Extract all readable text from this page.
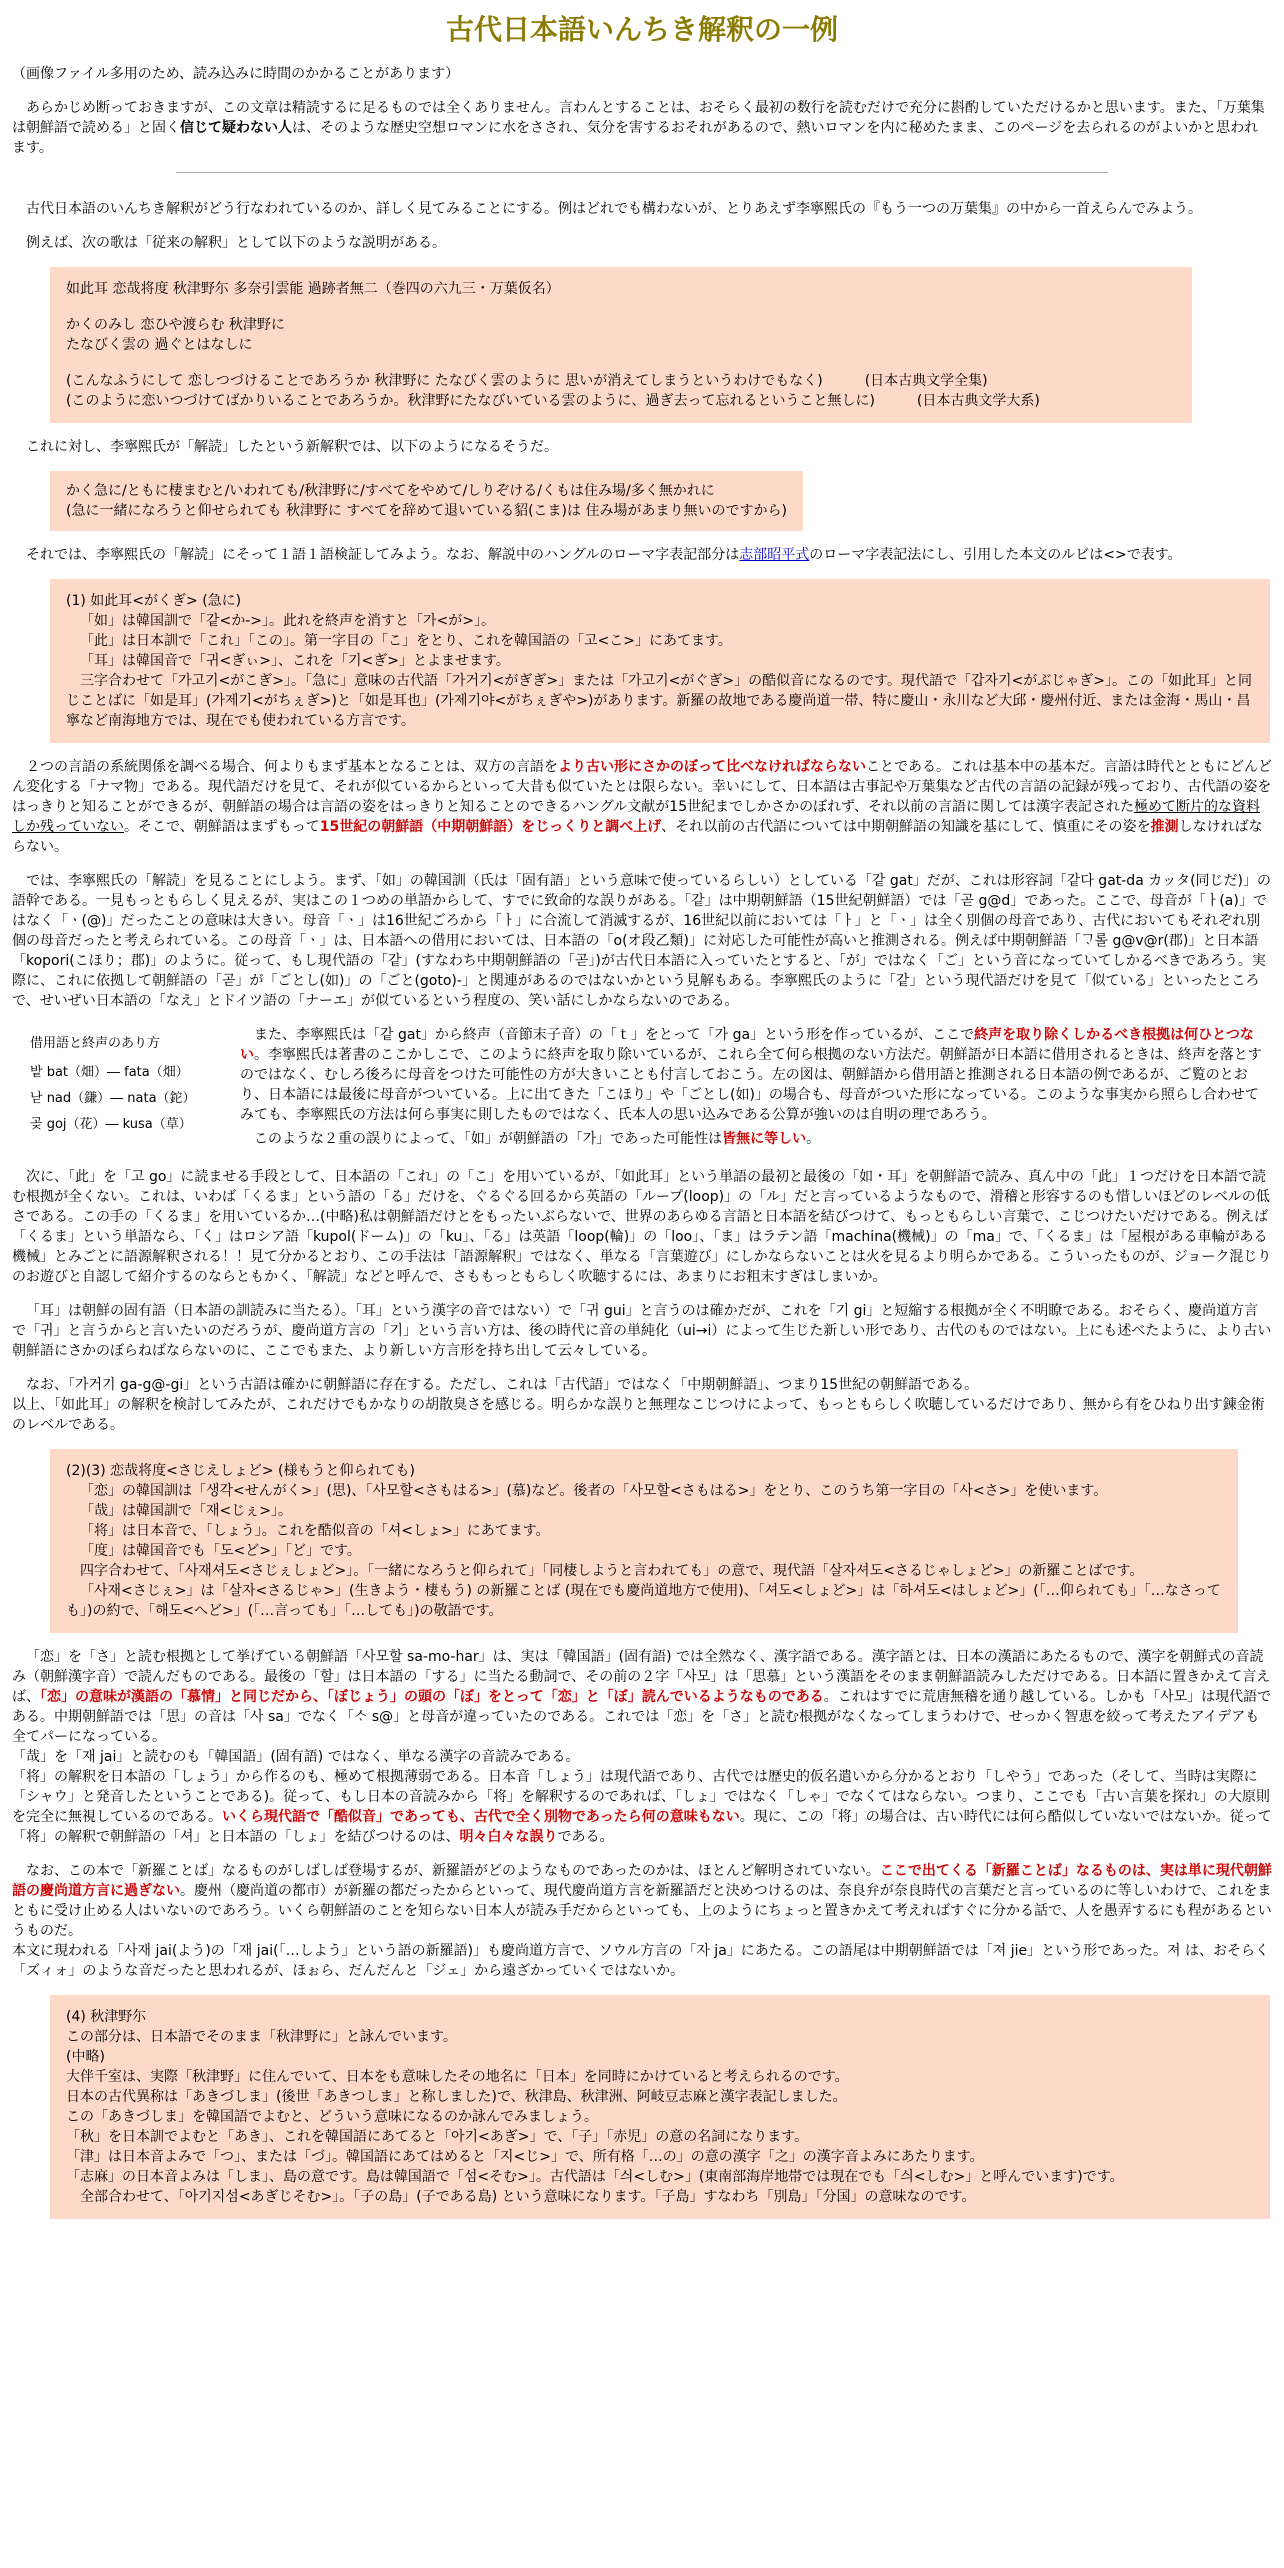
古代日本語いんちき解釈の一例

（画像ファイル多用のため、読み込みに時間のかかることがあります）

あらかじめ断っておきますが、この文章は精読するに足るものでは全くありません。言わんとすることは、おそらく最初の数行を読むだけで充分に斟酌していただけるかと思います。また、「万葉集は朝鮮語で読める」と固く信じて疑わない人は、そのような歴史空想ロマンに水をさされ、気分を害するおそれがあるので、熱いロマンを内に秘めたまま、このページを去られるのがよいかと思われます。

古代日本語のいんちき解釈がどう行なわれているのか、詳しく見てみることにする。例はどれでも構わないが、とりあえず李寧熙氏の『もう一つの万葉集』の中から一首えらんでみよう。

例えば、次の歌は「従来の解釈」として以下のような説明がある。

如此耳 恋哉将度 秋津野尓 多奈引雲能 過跡者無二（巻四の六九三・万葉仮名）

かくのみし 恋ひや渡らむ 秋津野に

たなびく雲の 過ぐとはなしに

(こんなふうにして 恋しつづけることであろうか 秋津野に たなびく雲のように 思いが消えてしまうというわけでもなく)　　　(日本古典文学全集)

(このように恋いつづけてばかりいることであろうか。秋津野にたなびいている雲のように、過ぎ去って忘れるということ無しに)　　　(日本古典文学大系)

これに対し、李寧熙氏が「解読」したという新解釈では、以下のようになるそうだ。

かく急に/ともに棲まむと/いわれても/秋津野に/すべてをやめて/しりぞける/くもは住み場/多く無かれに

(急に一緒になろうと仰せられても 秋津野に すべてを辞めて退いている貂(こま)は 住み場があまり無いのですから)

それでは、李寧熙氏の「解読」にそって１語１語検証してみよう。なお、解説中のハングルのローマ字表記部分は志部昭平式のローマ字表記法にし、引用した本文のルビは<>で表す。

(1) 如此耳<がくぎ> (急に)

「如」は韓国訓で「같<か->」。此れを終声を消すと「가<が>」。

「此」は日本訓で「これ」「この」。第一字目の「こ」をとり、これを韓国語の「고<こ>」にあてます。

「耳」は韓国音で「귀<ぎぃ>」、これを「기<ぎ>」とよませます。

三字合わせて「가고기<がこぎ>」。「急に」意味の古代語「가거기<がぎぎ>」または「가고기<がぐぎ>」の酷似音になるのです。現代語で「갑자기<がぶじゃぎ>」。この「如此耳」と同じことばに「如是耳」(가제기<がちぇぎ>)と「如是耳也」(가제기야<がちぇぎや>)があります。新羅の故地である慶尚道一帯、特に慶山・永川など大邱・慶州付近、または金海・馬山・昌寧など南海地方では、現在でも使われている方言です。

２つの言語の系統関係を調べる場合、何よりもまず基本となることは、双方の言語をより古い形にさかのぼって比べなければならないことである。これは基本中の基本だ。言語は時代とともにどんどん変化する「ナマ物」である。現代語だけを見て、それが似ているからといって大昔も似ていたとは限らない。幸いにして、日本語は古事記や万葉集など古代の言語の記録が残っており、古代語の姿をはっきりと知ることができるが、朝鮮語の場合は言語の姿をはっきりと知ることのできるハングル文献が15世紀までしかさかのぼれず、それ以前の言語に関しては漢字表記された極めて断片的な資料しか残っていない。そこで、朝鮮語はまずもって15世紀の朝鮮語（中期朝鮮語）をじっくりと調べ上げ、それ以前の古代語については中期朝鮮語の知識を基にして、慎重にその姿を推測しなければならない。

では、李寧熙氏の「解読」を見ることにしよう。まず、「如」の韓国訓（氏は「固有語」という意味で使っているらしい）としている「같 gat」だが、これは形容詞「같다 gat-da カッタ(同じだ)」の語幹である。一見もっともらしく見えるが、実はこの１つめの単語からして、すでに致命的な誤りがある。「같」は中期朝鮮語（15世紀朝鮮語）では「곧 g@d」であった。ここで、母音が「ㅏ(a)」ではなく「ㆍ(@)」だったことの意味は大きい。母音「ㆍ」は16世紀ごろから「ㅏ」に合流して消滅するが、16世紀以前においては「ㅏ」と「ㆍ」は全く別個の母音であり、古代においてもそれぞれ別個の母音だったと考えられている。この母音「ㆍ」は、日本語への借用においては、日本語の「o(オ段乙類)」に対応した可能性が高いと推測される。例えば中期朝鮮語「ᄀᆞ롤 g@v@r(郡)」と日本語「kopori(こほり；郡)」のように。従って、もし現代語の「같」(すなわち中期朝鮮語の「곧」)が古代日本語に入っていたとすると、「が」ではなく「ご」という音になっていてしかるべきであろう。実際に、これに依拠して朝鮮語の「곧」が「ごとし(如)」の「ごと(goto)-」と関連があるのではないかという見解もある。李寧熙氏のように「같」という現代語だけを見て「似ている」といったところで、せいぜい日本語の「なえ」とドイツ語の「ナーエ」が似ているという程度の、笑い話にしかならないのである。

借用語と終声のあり方
밭 bat（畑）― fata（畑）
낟 nad（鎌）― nata（鉈）
곶 goj（花）― kusa（草）

また、李寧熙氏は「같 gat」から終声（音節末子音）の「ｔ」をとって「가 ga」という形を作っているが、ここで終声を取り除くしかるべき根拠は何ひとつない。李寧熙氏は著書のここかしこで、このように終声を取り除いているが、これら全て何ら根拠のない方法だ。朝鮮語が日本語に借用されるときは、終声を落とすのではなく、むしろ後ろに母音をつけた可能性の方が大きいことも付言しておこう。左の図は、朝鮮語から借用語と推測される日本語の例であるが、ご覧のとおり、日本語には最後に母音がついている。上に出てきた「こほり」や「ごとし(如)」の場合も、母音がついた形になっている。このような事実から照らし合わせてみても、李寧熙氏の方法は何ら事実に則したものではなく、氏本人の思い込みである公算が強いのは自明の理であろう。

このような２重の誤りによって、「如」が朝鮮語の「가」であった可能性は皆無に等しい。

次に、「此」を「고 go」に読ませる手段として、日本語の「これ」の「こ」を用いているが、「如此耳」という単語の最初と最後の「如・耳」を朝鮮語で読み、真ん中の「此」１つだけを日本語で読む根拠が全くない。これは、いわば「くるま」という語の「る」だけを、ぐるぐる回るから英語の「ループ(loop)」の「ル」だと言っているようなもので、滑稽と形容するのも惜しいほどのレベルの低さである。この手の「くるま」を用いているか…(中略)私は朝鮮語だけとをもったいぶらないで、世界のあらゆる言語と日本語を結びつけて、もっともらしい言葉で、こじつけたいだけである。例えば「くるま」という単語なら、「く」はロシア語「kupol(ドーム)」の「ku」、「る」は英語「loop(輪)」の「loo」、「ま」はラテン語「machina(機械)」の「ma」で、「くるま」は「屋根がある車輪がある機械」とみごとに語源解釈される！！見て分かるとおり、この手法は「語源解釈」ではなく、単なる「言葉遊び」にしかならないことは火を見るより明らかである。こういったものが、ジョーク混じりのお遊びと自認して紹介するのならともかく、「解読」などと呼んで、さももっともらしく吹聴するには、あまりにお粗末すぎはしまいか。

「耳」は朝鮮の固有語（日本語の訓読みに当たる）。「耳」という漢字の音ではない）で「귀 gui」と言うのは確かだが、これを「기 gi」と短縮する根拠が全く不明瞭である。おそらく、慶尚道方言で「귀」と言うからと言いたいのだろうが、慶尚道方言の「기」という言い方は、後の時代に音の単純化（ui→i）によって生じた新しい形であり、古代のものではない。上にも述べたように、より古い朝鮮語にさかのぼらねばならないのに、ここでもまた、より新しい方言形を持ち出して云々している。

なお、「가거기 ga-g@-gi」という古語は確かに朝鮮語に存在する。ただし、これは「古代語」ではなく「中期朝鮮語」、つまり15世紀の朝鮮語である。
以上、「如此耳」の解釈を検討してみたが、これだけでもかなりの胡散臭さを感じる。明らかな誤りと無理なこじつけによって、もっともらしく吹聴しているだけであり、無から有をひねり出す錬金術のレベルである。

(2)(3) 恋哉将度<さじえしょど> (様もうと仰られても)

「恋」の韓国訓は「생각<せんがく>」(思)、「사모할<さもはる>」(慕)など。後者の「사모할<さもはる>」をとり、このうち第一字目の「사<さ>」を使います。

「哉」は韓国訓で「재<じぇ>」。

「将」は日本音で、「しょう」。これを酷似音の「셔<しょ>」にあてます。

「度」は韓国音でも「도<ど>」「ど」です。

四字合わせて、「사재셔도<さじぇしょど>」。「一緒になろうと仰られて」「同棲しようと言われても」の意で、現代語「살자셔도<さるじゃしょど>」の新羅ことばです。

「사재<さじぇ>」は「살자<さるじゃ>」(生きよう・棲もう) の新羅ことば (現在でも慶尚道地方で使用)、「셔도<しょど>」は「하셔도<はしょど>」(「…仰られても」「…なさっても」)の約で、「해도<へど>」(「…言っても」「…しても」)の敬語です。

「恋」を「さ」と読む根拠として挙げている朝鮮語「사모할 sa-mo-har」は、実は「韓国語」(固有語) では全然なく、漢字語である。漢字語とは、日本の漢語にあたるもので、漢字を朝鮮式の音読み（朝鮮漢字音）で読んだものである。最後の「할」は日本語の「する」に当たる動詞で、その前の２字「사모」は「思慕」という漢語をそのまま朝鮮語読みしただけである。日本語に置きかえて言えば、「恋」の意味が漢語の「慕情」と同じだから、「ぼじょう」の頭の「ぼ」をとって「恋」と「ぼ」読んでいるようなものである。これはすでに荒唐無稽を通り越している。しかも「사모」は現代語である。中期朝鮮語では「思」の音は「사 sa」でなく「ᄉᆞ s@」と母音が違っていたのである。これでは「恋」を「さ」と読む根拠がなくなってしまうわけで、せっかく智恵を絞って考えたアイデアも全てパーになっている。
「哉」を「재 jai」と読むのも「韓国語」(固有語) ではなく、単なる漢字の音読みである。
「将」の解釈を日本語の「しょう」から作るのも、極めて根拠薄弱である。日本音「しょう」は現代語であり、古代では歴史的仮名遣いから分かるとおり「しやう」であった（そして、当時は実際に「シャウ」と発音したということである)。従って、もし日本の音読みから「将」を解釈するのであれば、「しょ」ではなく「しゃ」でなくてはならない。つまり、ここでも「古い言葉を探れ」の大原則を完全に無視しているのである。いくら現代語で「酷似音」であっても、古代で全く別物であったら何の意味もない。現に、この「将」の場合は、古い時代には何ら酷似していないではないか。従って「将」の解釈で朝鮮語の「셔」と日本語の「しょ」を結びつけるのは、明々白々な誤りである。

なお、この本で「新羅ことば」なるものがしばしば登場するが、新羅語がどのようなものであったのかは、ほとんど解明されていない。ここで出てくる「新羅ことば」なるものは、実は単に現代朝鮮語の慶尚道方言に過ぎない。慶州（慶尚道の都市）が新羅の都だったからといって、現代慶尚道方言を新羅語だと決めつけるのは、奈良弁が奈良時代の言葉だと言っているのに等しいわけで、これをまともに受け止める人はいないのであろう。いくら朝鮮語のことを知らない日本人が読み手だからといっても、上のようにちょっと置きかえて考えればすぐに分かる話で、人を愚弄するにも程があるというものだ。
本文に現われる「사재 jai(よう)の「재 jai(「…しよう」という語の新羅語)」も慶尚道方言で、ソウル方言の「자 ja」にあたる。この語尾は中期朝鮮語では「져 jie」という形であった。져 は、おそらく「ズィォ」のような音だったと思われるが、ほぉら、だんだんと「ジェ」から遠ざかっていくではないか。

(4) 秋津野尓

この部分は、日本語でそのまま「秋津野に」と詠んでいます。

(中略)

大伴千室は、実際「秋津野」に住んでいて、日本をも意味したその地名に「日本」を同時にかけていると考えられるのです。

日本の古代異称は「あきづしま」(後世「あきつしま」と称しました)で、秋津島、秋津洲、阿岐豆志麻と漢字表記しました。

この「あきづしま」を韓国語でよむと、どういう意味になるのか詠んでみましょう。

「秋」を日本訓でよむと「あき」、これを韓国語にあてると「아기<あぎ>」で、「子」「赤児」の意の名詞になります。

「津」は日本音よみで「つ」、または「づ」。韓国語にあてはめると「지<じ>」で、所有格「…の」の意の漢字「之」の漢字音よみにあたります。

「志麻」の日本音よみは「しま」、島の意です。島は韓国語で「섬<そむ>」。古代語は「싀<しむ>」(東南部海岸地帯では現在でも「싀<しむ>」と呼んでいます)です。

全部合わせて、「아기지섬<あぎじそむ>」。「子の島」(子である島) という意味になります。「子島」すなわち「別島」「分国」の意味なのです。
